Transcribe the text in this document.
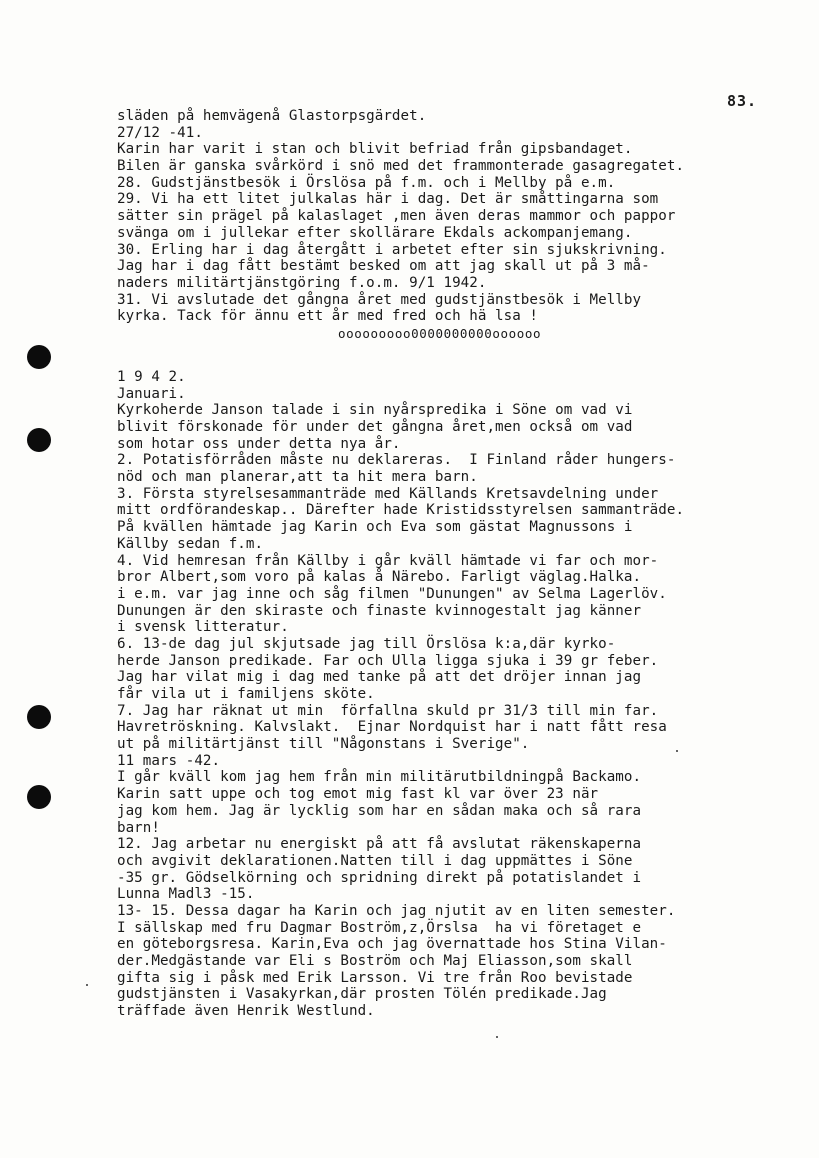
83.
släden på hemvägenå Glastorpsgärdet.
27/12 -41.
Karin har varit i stan och blivit befriad från gipsbandaget.
Bilen är ganska svårkörd i snö med det frammonterade gasagregatet.
28. Gudstjänstbesök i Örslösa på f.m. och i Mellby på e.m.
29. Vi ha ett litet julkalas här i dag. Det är småttingarna som
sätter sin prägel på kalaslaget ,men även deras mammor och pappor
svänga om i jullekar efter skollärare Ekdals ackompanjemang.
30. Erling har i dag återgått i arbetet efter sin sjukskrivning.
Jag har i dag fått bestämt besked om att jag skall ut på 3 må-
naders militärtjänstgöring f.o.m. 9/1 1942.
31. Vi avslutade det gångna året med gudstjänstbesök i Mellby
kyrka. Tack för ännu ett år med fred och hä lsa !
ooooooooo0000000000oooooo
1 9 4 2.
Januari.
Kyrkoherde Janson talade i sin nyårspredika i Söne om vad vi
blivit förskonade för under det gångna året,men också om vad
som hotar oss under detta nya år.
2. Potatisförråden måste nu deklareras.  I Finland råder hungers-
nöd och man planerar,att ta hit mera barn.
3. Första styrelsesammanträde med Källands Kretsavdelning under
mitt ordförandeskap.. Därefter hade Kristidsstyrelsen sammanträde.
På kvällen hämtade jag Karin och Eva som gästat Magnussons i
Källby sedan f.m.
4. Vid hemresan från Källby i går kväll hämtade vi far och mor-
bror Albert,som voro på kalas å Närebo. Farligt väglag.Halka.
i e.m. var jag inne och såg filmen "Dunungen" av Selma Lagerlöv.
Dunungen är den skiraste och finaste kvinnogestalt jag känner
i svensk litteratur.
6. 13-de dag jul skjutsade jag till Örslösa k:a,där kyrko-
herde Janson predikade. Far och Ulla ligga sjuka i 39 gr feber.
Jag har vilat mig i dag med tanke på att det dröjer innan jag
får vila ut i familjens sköte.
7. Jag har räknat ut min  förfallna skuld pr 31/3 till min far.
Havretröskning. Kalvslakt.  Ejnar Nordquist har i natt fått resa
ut på militärtjänst till "Någonstans i Sverige".
11 mars -42.
I går kväll kom jag hem från min militärutbildningpå Backamo.
Karin satt uppe och tog emot mig fast kl var över 23 när
jag kom hem. Jag är lycklig som har en sådan maka och så rara
barn!
12. Jag arbetar nu energiskt på att få avslutat räkenskaperna
och avgivit deklarationen.Natten till i dag uppmättes i Söne
-35 gr. Gödselkörning och spridning direkt på potatislandet i
Lunna Madl3 -15.
13- 15. Dessa dagar ha Karin och jag njutit av en liten semester.
I sällskap med fru Dagmar Boström,z,Örslsa  ha vi företaget e
en göteborgsresa. Karin,Eva och jag övernattade hos Stina Vilan-
der.Medgästande var Eli s Boström och Maj Eliasson,som skall
gifta sig i påsk med Erik Larsson. Vi tre från Roo bevistade
gudstjänsten i Vasakyrkan,där prosten Tölén predikade.Jag
träffade även Henrik Westlund.
